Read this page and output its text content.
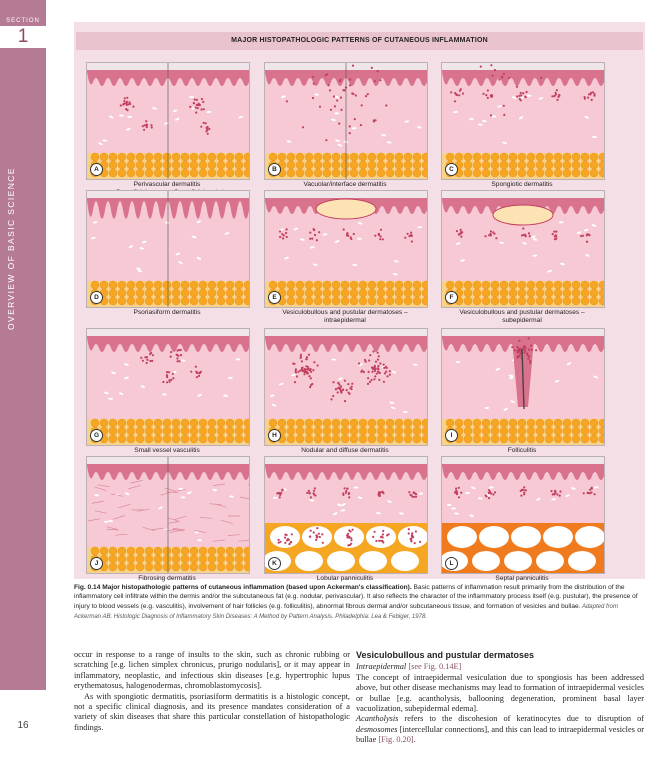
SECTION
1
OVERVIEW OF BASIC SCIENCE
16
MAJOR HISTOPATHOLOGIC PATTERNS OF CUTANEOUS INFLAMMATION
A
Perivascular dermatitis
B
Vacuolar/interface dermatitis
C
Spongiotic dermatitis
D
Psoriasiform dermatitis
E
Vesiculobullous and pustular dermatoses –
intraepidermal
F
Vesiculobullous and pustular dermatoses –
subepidermal
G
Small vessel vasculitis
H
Nodular and diffuse dermatitis
I
Folliculitis
J
Fibrosing dermatitis
K
Lobular panniculitis
L
Septal panniculitis
Fig. 0.14 Major histopathologic patterns of cutaneous inflammation (based upon Ackerman's classification). Basic patterns of inflammation result primarily from the distribution of the inflammatory cell infiltrate within the dermis and/or the subcutaneous fat (e.g. nodular, perivascular). It also reflects the character of the inflammatory process itself (e.g. pustular), the presence of injury to blood vessels (e.g. vasculitis), involvement of hair follicles (e.g. folliculitis), abnormal fibrous dermal and/or subcutaneous tissue, and formation of vesicles and bullae. Adapted from Ackerman AB. Histologic Diagnosis of Inflammatory Skin Diseases: A Method by Pattern Analysis. Philadelphia: Lea & Febiger, 1978.

occur in response to a range of insults to the skin, such as chronic rubbing or scratching [e.g. lichen simplex chronicus, prurigo nodularis], or it may appear in inflammatory, neoplastic, and infectious skin diseases [e.g. hypertrophic lupus erythematosus, halogenodermas, chromoblastomycosis].

As with spongiotic dermatitis, psoriasiform dermatitis is a histologic concept, not a specific clinical diagnosis, and its presence mandates consideration of a variety of skin diseases that share this particular constellation of histopathologic findings.

Vesiculobullous and pustular dermatoses

Intraepidermal [see Fig. 0.14E]

The concept of intraepidermal vesiculation due to spongiosis has been addressed above, but other disease mechanisms may lead to formation of intraepidermal vesicles or bullae [e.g. acantholysis, ballooning degeneration, prominent basal layer vacuolization, subepidermal edema].

Acantholysis refers to the discohesion of keratinocytes due to disruption of desmosomes [intercellular connections], and this can lead to intraepidermal vesicles or bullae [Fig. 0.20].
